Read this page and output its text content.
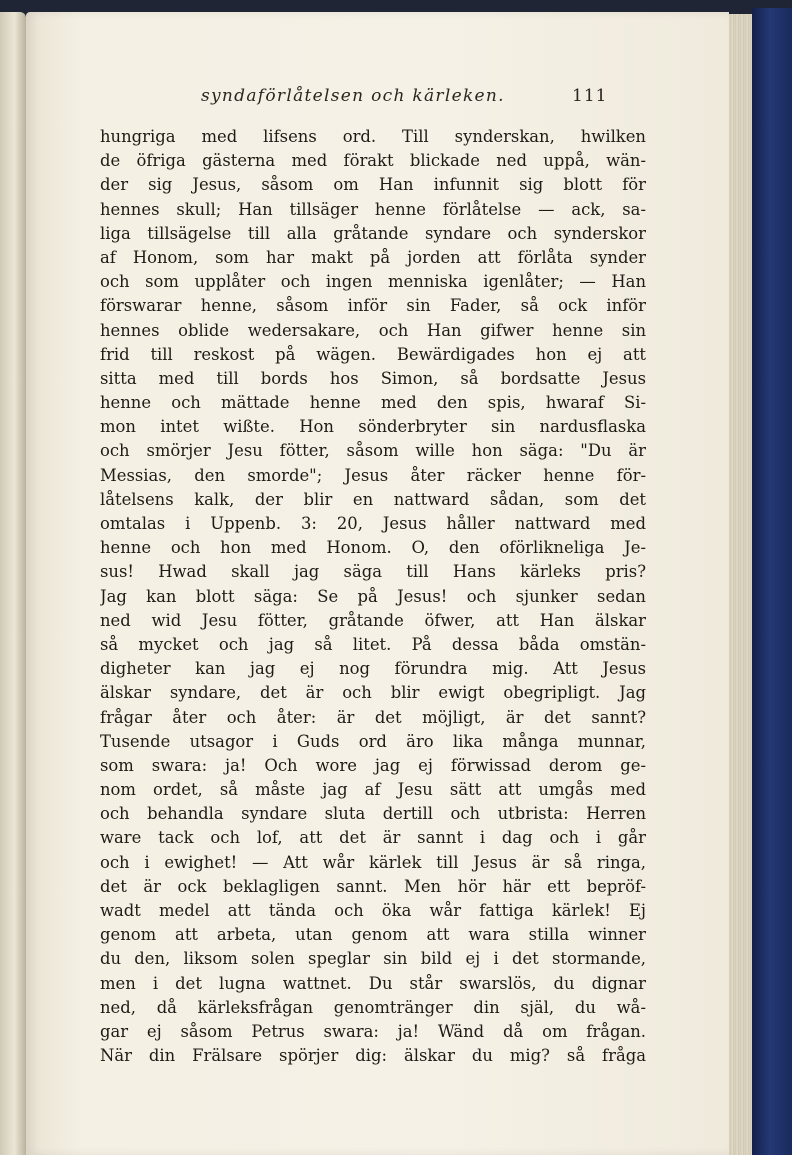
syndaförlåtelsen och kärleken.	111
hungriga med lifsens ord. Till synderskan, hwilken
de öfriga gästerna med förakt blickade ned uppå, wän-
der sig Jesus, såsom om Han infunnit sig blott för
hennes skull; Han tillsäger henne förlåtelse — ack, sa-
liga tillsägelse till alla gråtande syndare och synderskor
af Honom, som har makt på jorden att förlåta synder
och som upplåter och ingen menniska igenlåter; — Han
förswarar henne, såsom inför sin Fader, så ock inför
hennes oblide wedersakare, och Han gifwer henne sin
frid till reskost på wägen. Bewärdigades hon ej att
sitta med till bords hos Simon, så bordsatte Jesus
henne och mättade henne med den spis, hwaraf Si-
mon intet wißte. Hon sönderbryter sin nardusflaska
och smörjer Jesu fötter, såsom wille hon säga: "Du är
Messias, den smorde"; Jesus åter räcker henne för-
låtelsens kalk, der blir en nattward sådan, som det
omtalas i Uppenb. 3: 20, Jesus håller nattward med
henne och hon med Honom. O, den oförlikneliga Je-
sus! Hwad skall jag säga till Hans kärleks pris?
Jag kan blott säga: Se på Jesus! och sjunker sedan
ned wid Jesu fötter, gråtande öfwer, att Han älskar
så mycket och jag så litet. På dessa båda omstän-
digheter kan jag ej nog förundra mig. Att Jesus
älskar syndare, det är och blir ewigt obegripligt. Jag
frågar åter och åter: är det möjligt, är det sannt?
Tusende utsagor i Guds ord äro lika många munnar,
som swara: ja! Och wore jag ej förwissad derom ge-
nom ordet, så måste jag af Jesu sätt att umgås med
och behandla syndare sluta dertill och utbrista: Herren
ware tack och lof, att det är sannt i dag och i går
och i ewighet! — Att wår kärlek till Jesus är så ringa,
det är ock beklagligen sannt. Men hör här ett bepröf-
wadt medel att tända och öka wår fattiga kärlek! Ej
genom att arbeta, utan genom att wara stilla winner
du den, liksom solen speglar sin bild ej i det stormande,
men i det lugna wattnet. Du står swarslös, du dignar
ned, då kärleksfrågan genomtränger din själ, du wå-
gar ej såsom Petrus swara: ja! Wänd då om frågan.
När din Frälsare spörjer dig: älskar du mig? så fråga
